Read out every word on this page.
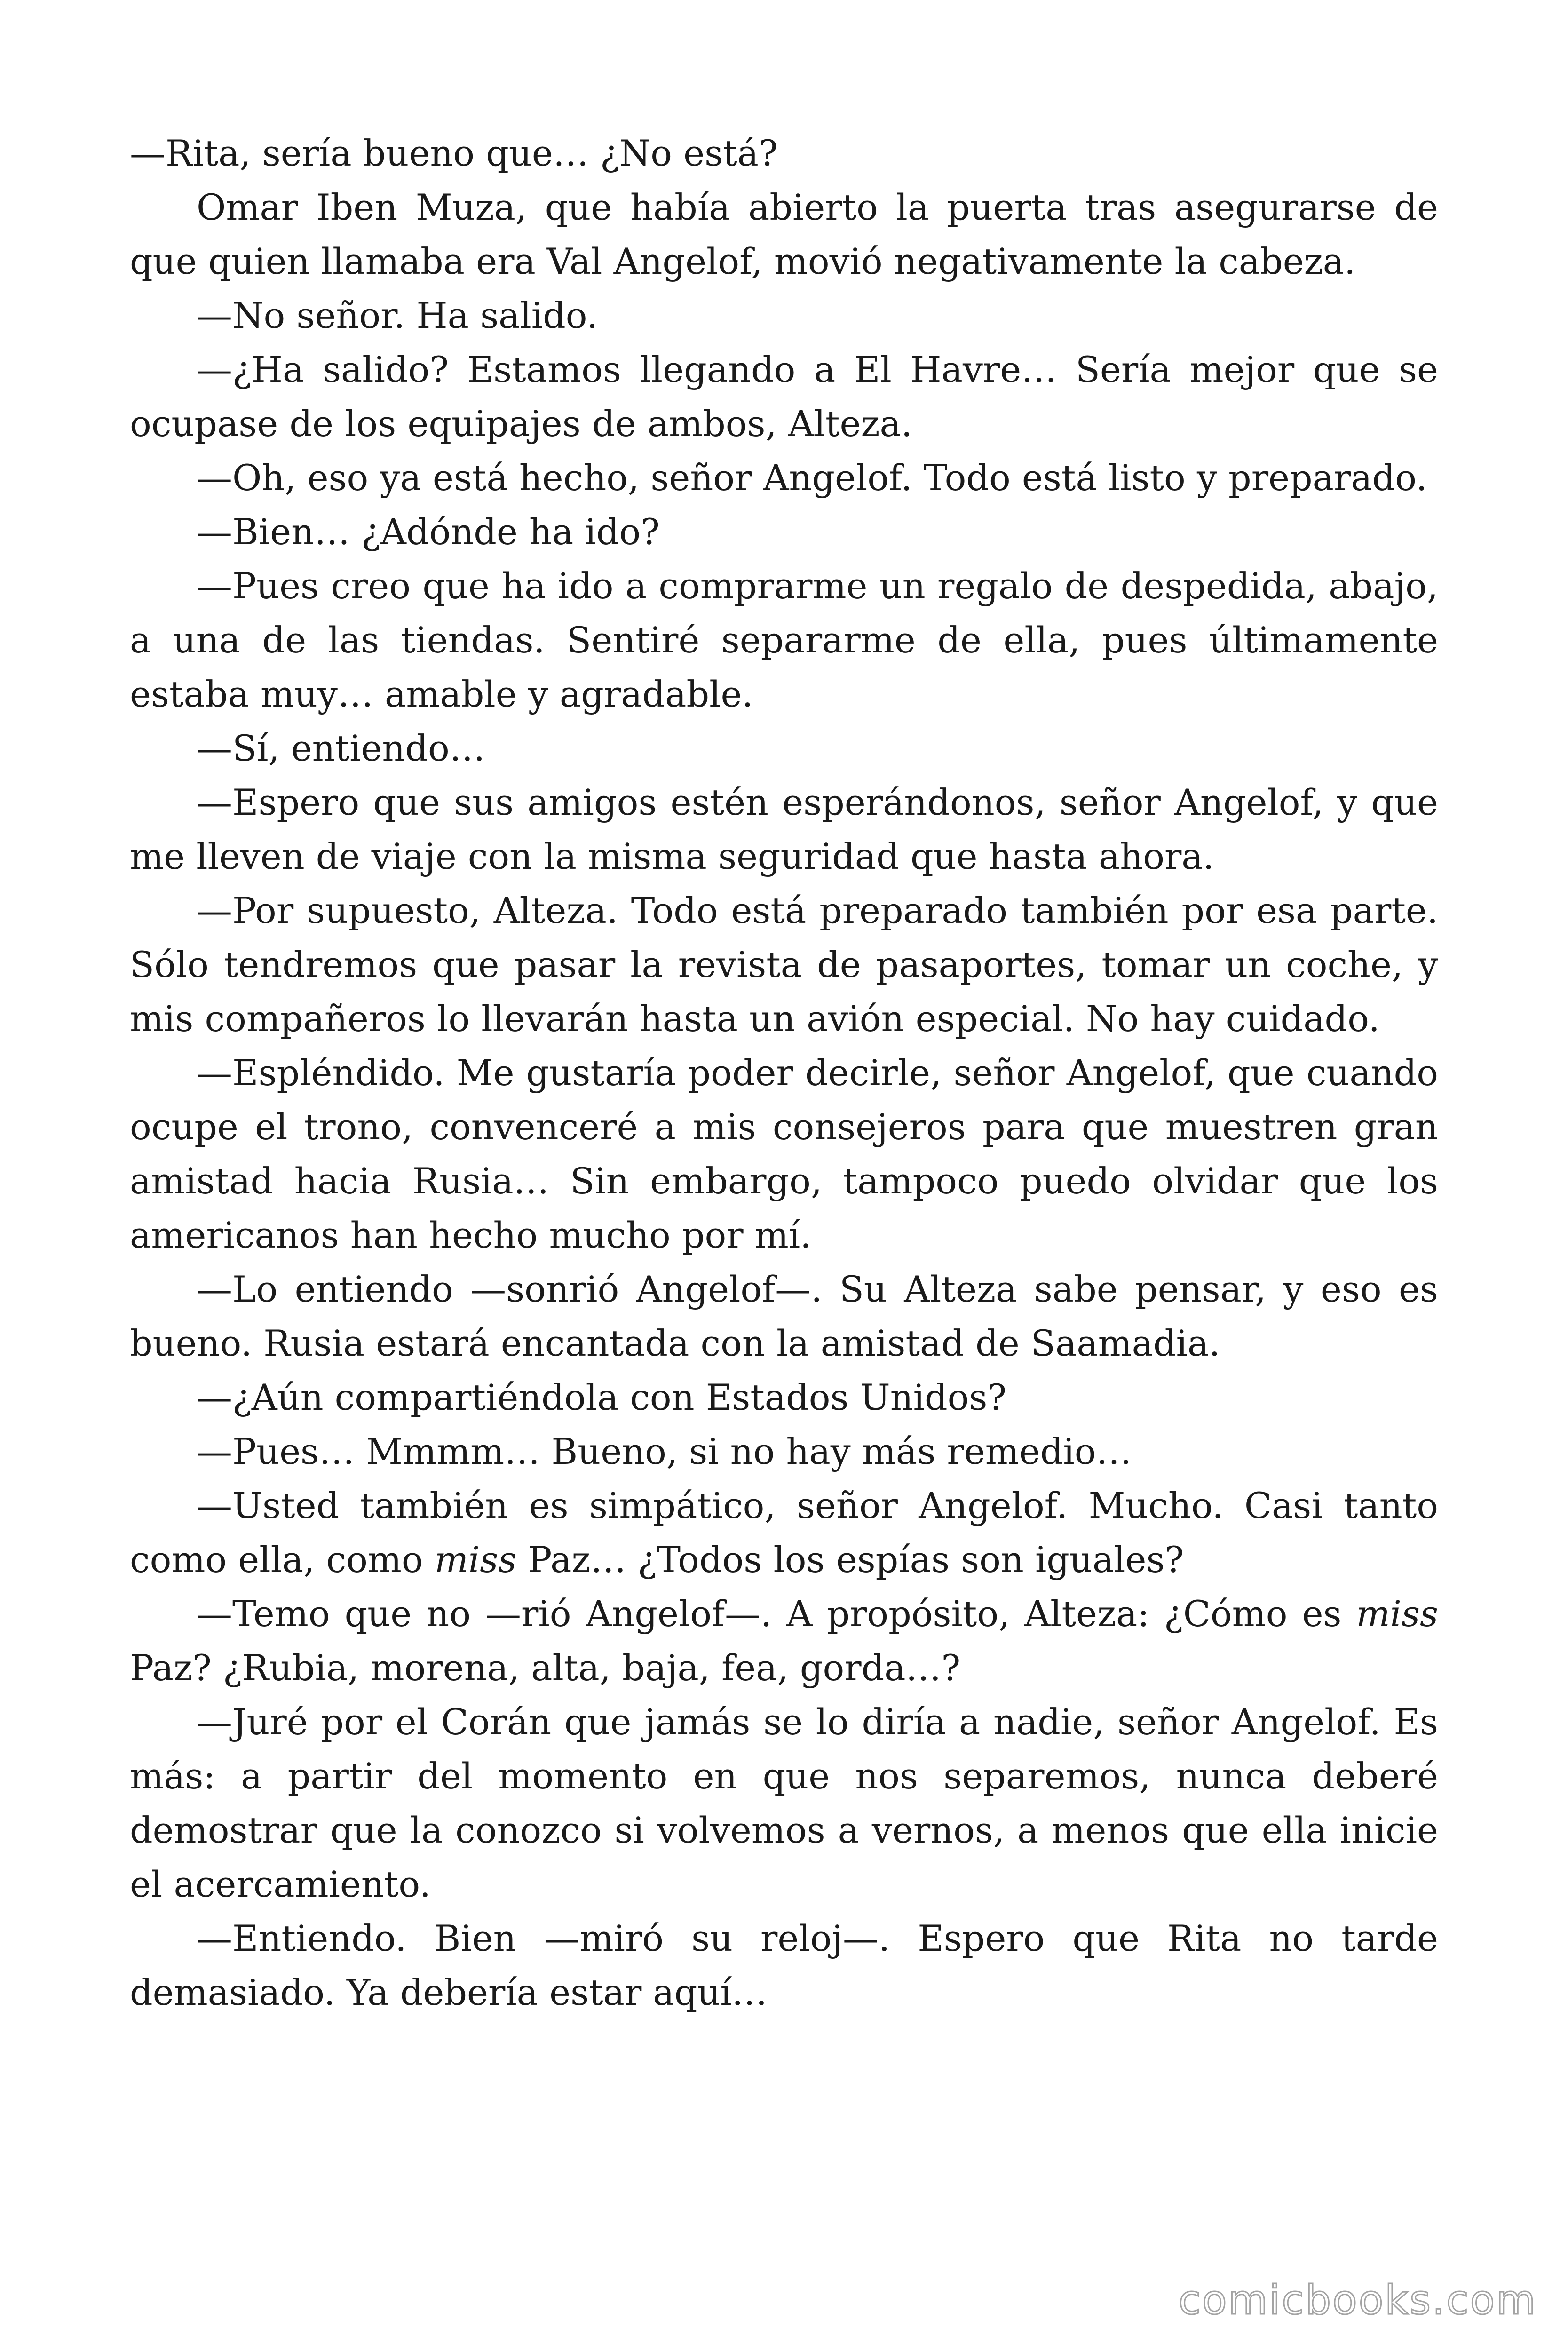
—Rita, sería bueno que… ¿No está?

Omar Iben Muza, que había abierto la puerta tras asegurarse de que quien llamaba era Val Angelof, movió negativamente la cabeza.

—No señor. Ha salido.

—¿Ha salido? Estamos llegando a El Havre… Sería mejor que se ocupase de los equipajes de ambos, Alteza.

—Oh, eso ya está hecho, señor Angelof. Todo está listo y preparado.

—Bien… ¿Adónde ha ido?

—Pues creo que ha ido a comprarme un regalo de despedida, abajo, a una de las tiendas. Sentiré separarme de ella, pues últimamente estaba muy… amable y agradable.

—Sí, entiendo…

—Espero que sus amigos estén esperándonos, señor Angelof, y que me lleven de viaje con la misma seguridad que hasta ahora.

—Por supuesto, Alteza. Todo está preparado también por esa parte. Sólo tendremos que pasar la revista de pasaportes, tomar un coche, y mis compañeros lo llevarán hasta un avión especial. No hay cuidado.

—Espléndido. Me gustaría poder decirle, señor Angelof, que cuando ocupe el trono, convenceré a mis consejeros para que muestren gran amistad hacia Rusia… Sin embargo, tampoco puedo olvidar que los americanos han hecho mucho por mí.

—Lo entiendo —sonrió Angelof—. Su Alteza sabe pensar, y eso es bueno. Rusia estará encantada con la amistad de Saamadia.

—¿Aún compartiéndola con Estados Unidos?

—Pues… Mmmm… Bueno, si no hay más remedio…

—Usted también es simpático, señor Angelof. Mucho. Casi tanto como ella, como miss Paz… ¿Todos los espías son iguales?

—Temo que no —rió Angelof—. A propósito, Alteza: ¿Cómo es miss Paz? ¿Rubia, morena, alta, baja, fea, gorda…?

—Juré por el Corán que jamás se lo diría a nadie, señor Angelof. Es más: a partir del momento en que nos separemos, nunca deberé demostrar que la conozco si volvemos a vernos, a menos que ella inicie el acercamiento.

—Entiendo. Bien —miró su reloj—. Espero que Rita no tarde demasiado. Ya debería estar aquí…

comicbooks.com
